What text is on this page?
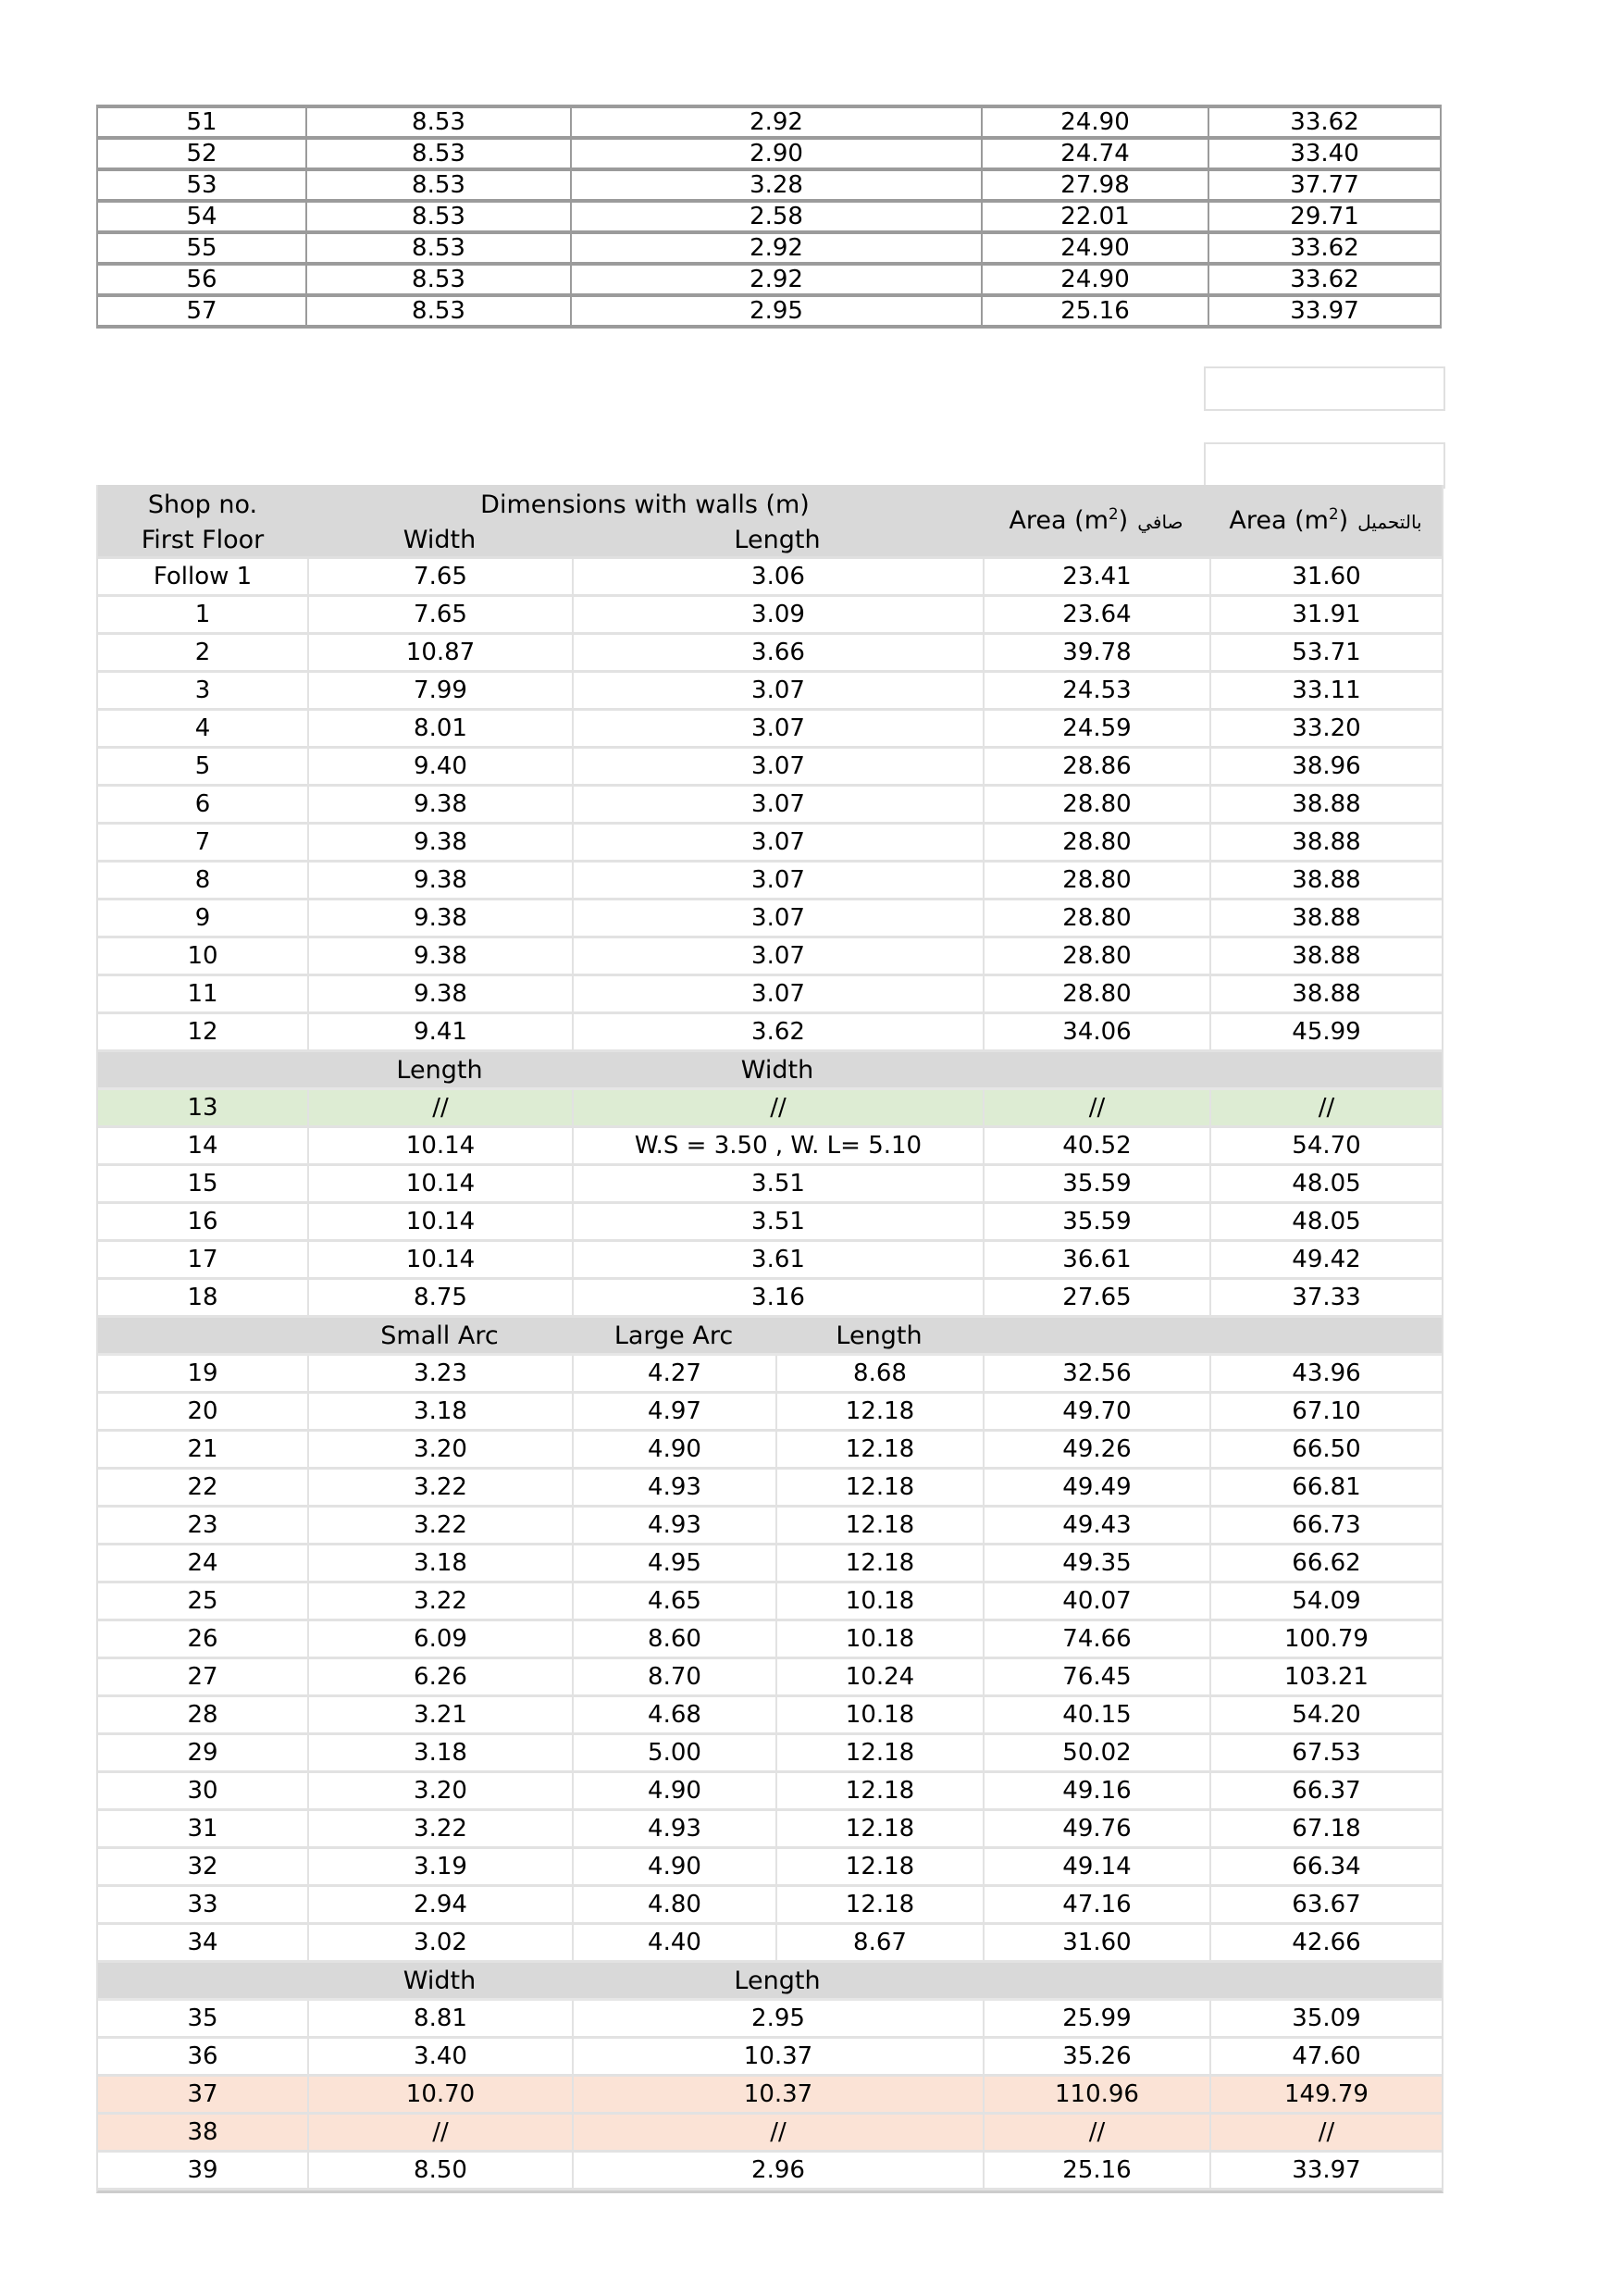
51	8.53	2.92	24.90	33.62
52	8.53	2.90	24.74	33.40
53	8.53	3.28	27.98	37.77
54	8.53	2.58	22.01	29.71
55	8.53	2.92	24.90	33.62
56	8.53	2.92	24.90	33.62
57	8.53	2.95	25.16	33.97
Shop no.	Dimensions with walls (m)			Area $(m^2)$ صافي	Area $(m^2)$ بالتحميل
First Floor	Width	Length			
Follow 1	7.65	3.06		23.41	31.60
1	7.65	3.09		23.64	31.91
2	10.87	3.66		39.78	53.71
3	7.99	3.07		24.53	33.11
4	8.01	3.07		24.59	33.20
5	9.40	3.07		28.86	38.96
6	9.38	3.07		28.80	38.88
7	9.38	3.07		28.80	38.88
8	9.38	3.07		28.80	38.88
9	9.38	3.07		28.80	38.88
10	9.38	3.07		28.80	38.88
11	9.38	3.07		28.80	38.88
12	9.41	3.62		34.06	45.99
	Length	Width			
13	//	//		//	//
14	10.14	W.S = 3.50 , W. L= 5.10		40.52	54.70
15	10.14	3.51		35.59	48.05
16	10.14	3.51		35.59	48.05
17	10.14	3.61		36.61	49.42
18	8.75	3.16		27.65	37.33
	Small Arc	Large Arc	Length		
19	3.23	4.27	8.68	32.56	43.96
20	3.18	4.97	12.18	49.70	67.10
21	3.20	4.90	12.18	49.26	66.50
22	3.22	4.93	12.18	49.49	66.81
23	3.22	4.93	12.18	49.43	66.73
24	3.18	4.95	12.18	49.35	66.62
25	3.22	4.65	10.18	40.07	54.09
26	6.09	8.60	10.18	74.66	100.79
27	6.26	8.70	10.24	76.45	103.21
28	3.21	4.68	10.18	40.15	54.20
29	3.18	5.00	12.18	50.02	67.53
30	3.20	4.90	12.18	49.16	66.37
31	3.22	4.93	12.18	49.76	67.18
32	3.19	4.90	12.18	49.14	66.34
33	2.94	4.80	12.18	47.16	63.67
34	3.02	4.40	8.67	31.60	42.66
	Width	Length			
35	8.81	2.95		25.99	35.09
36	3.40	10.37		35.26	47.60
37	10.70	10.37		110.96	149.79
38	//	//		//	//
39	8.50	2.96		25.16	33.97
